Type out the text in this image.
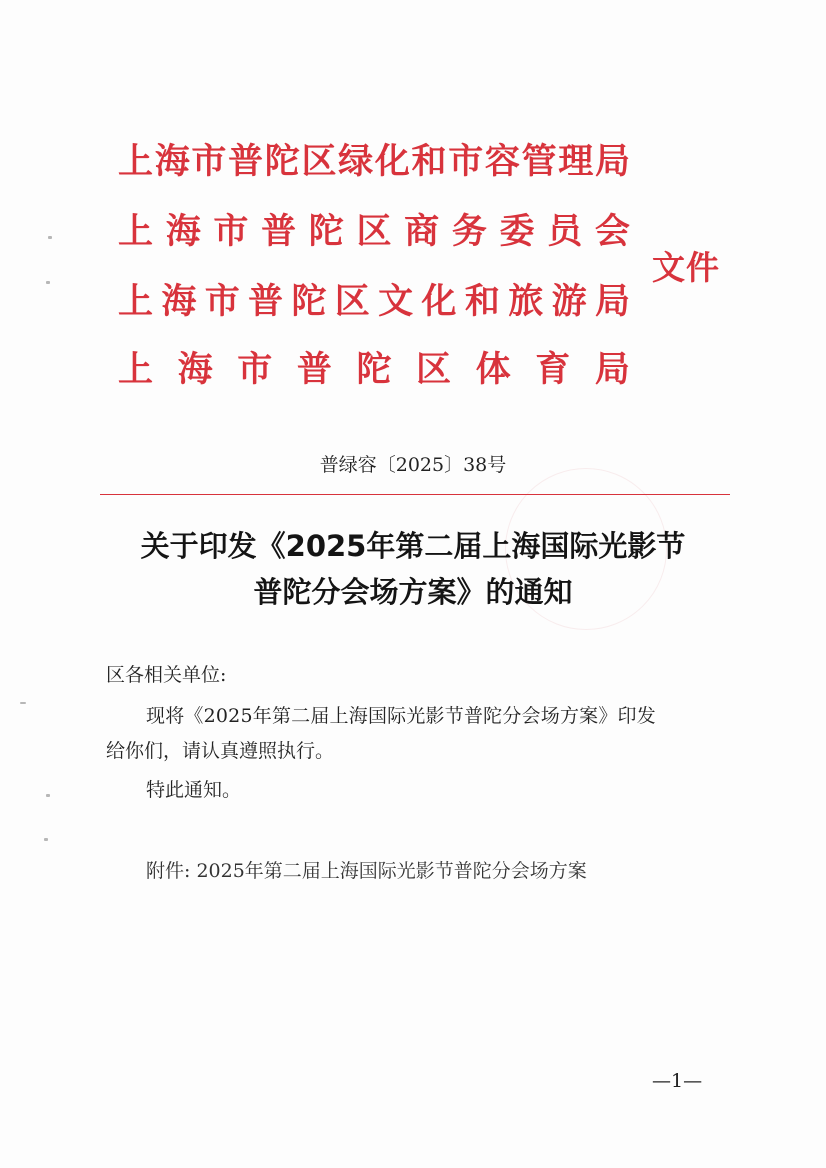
上 海 市 普 陀 区 绿 化 和 市 容 管 理 局
上 海 市 普 陀 区 商 务 委 员 会
上 海 市 普 陀 区 文 化 和 旅 游 局
上 海 市 普 陀 区 体 育 局
文件
普绿容〔2025〕38号
关于印发《2025年第二届上海国际光影节
普陀分会场方案》的通知
区各相关单位:
现将《2025年第二届上海国际光影节普陀分会场方案》印发
给你们，请认真遵照执行。
特此通知。
附件: 2025年第二届上海国际光影节普陀分会场方案
—1—
